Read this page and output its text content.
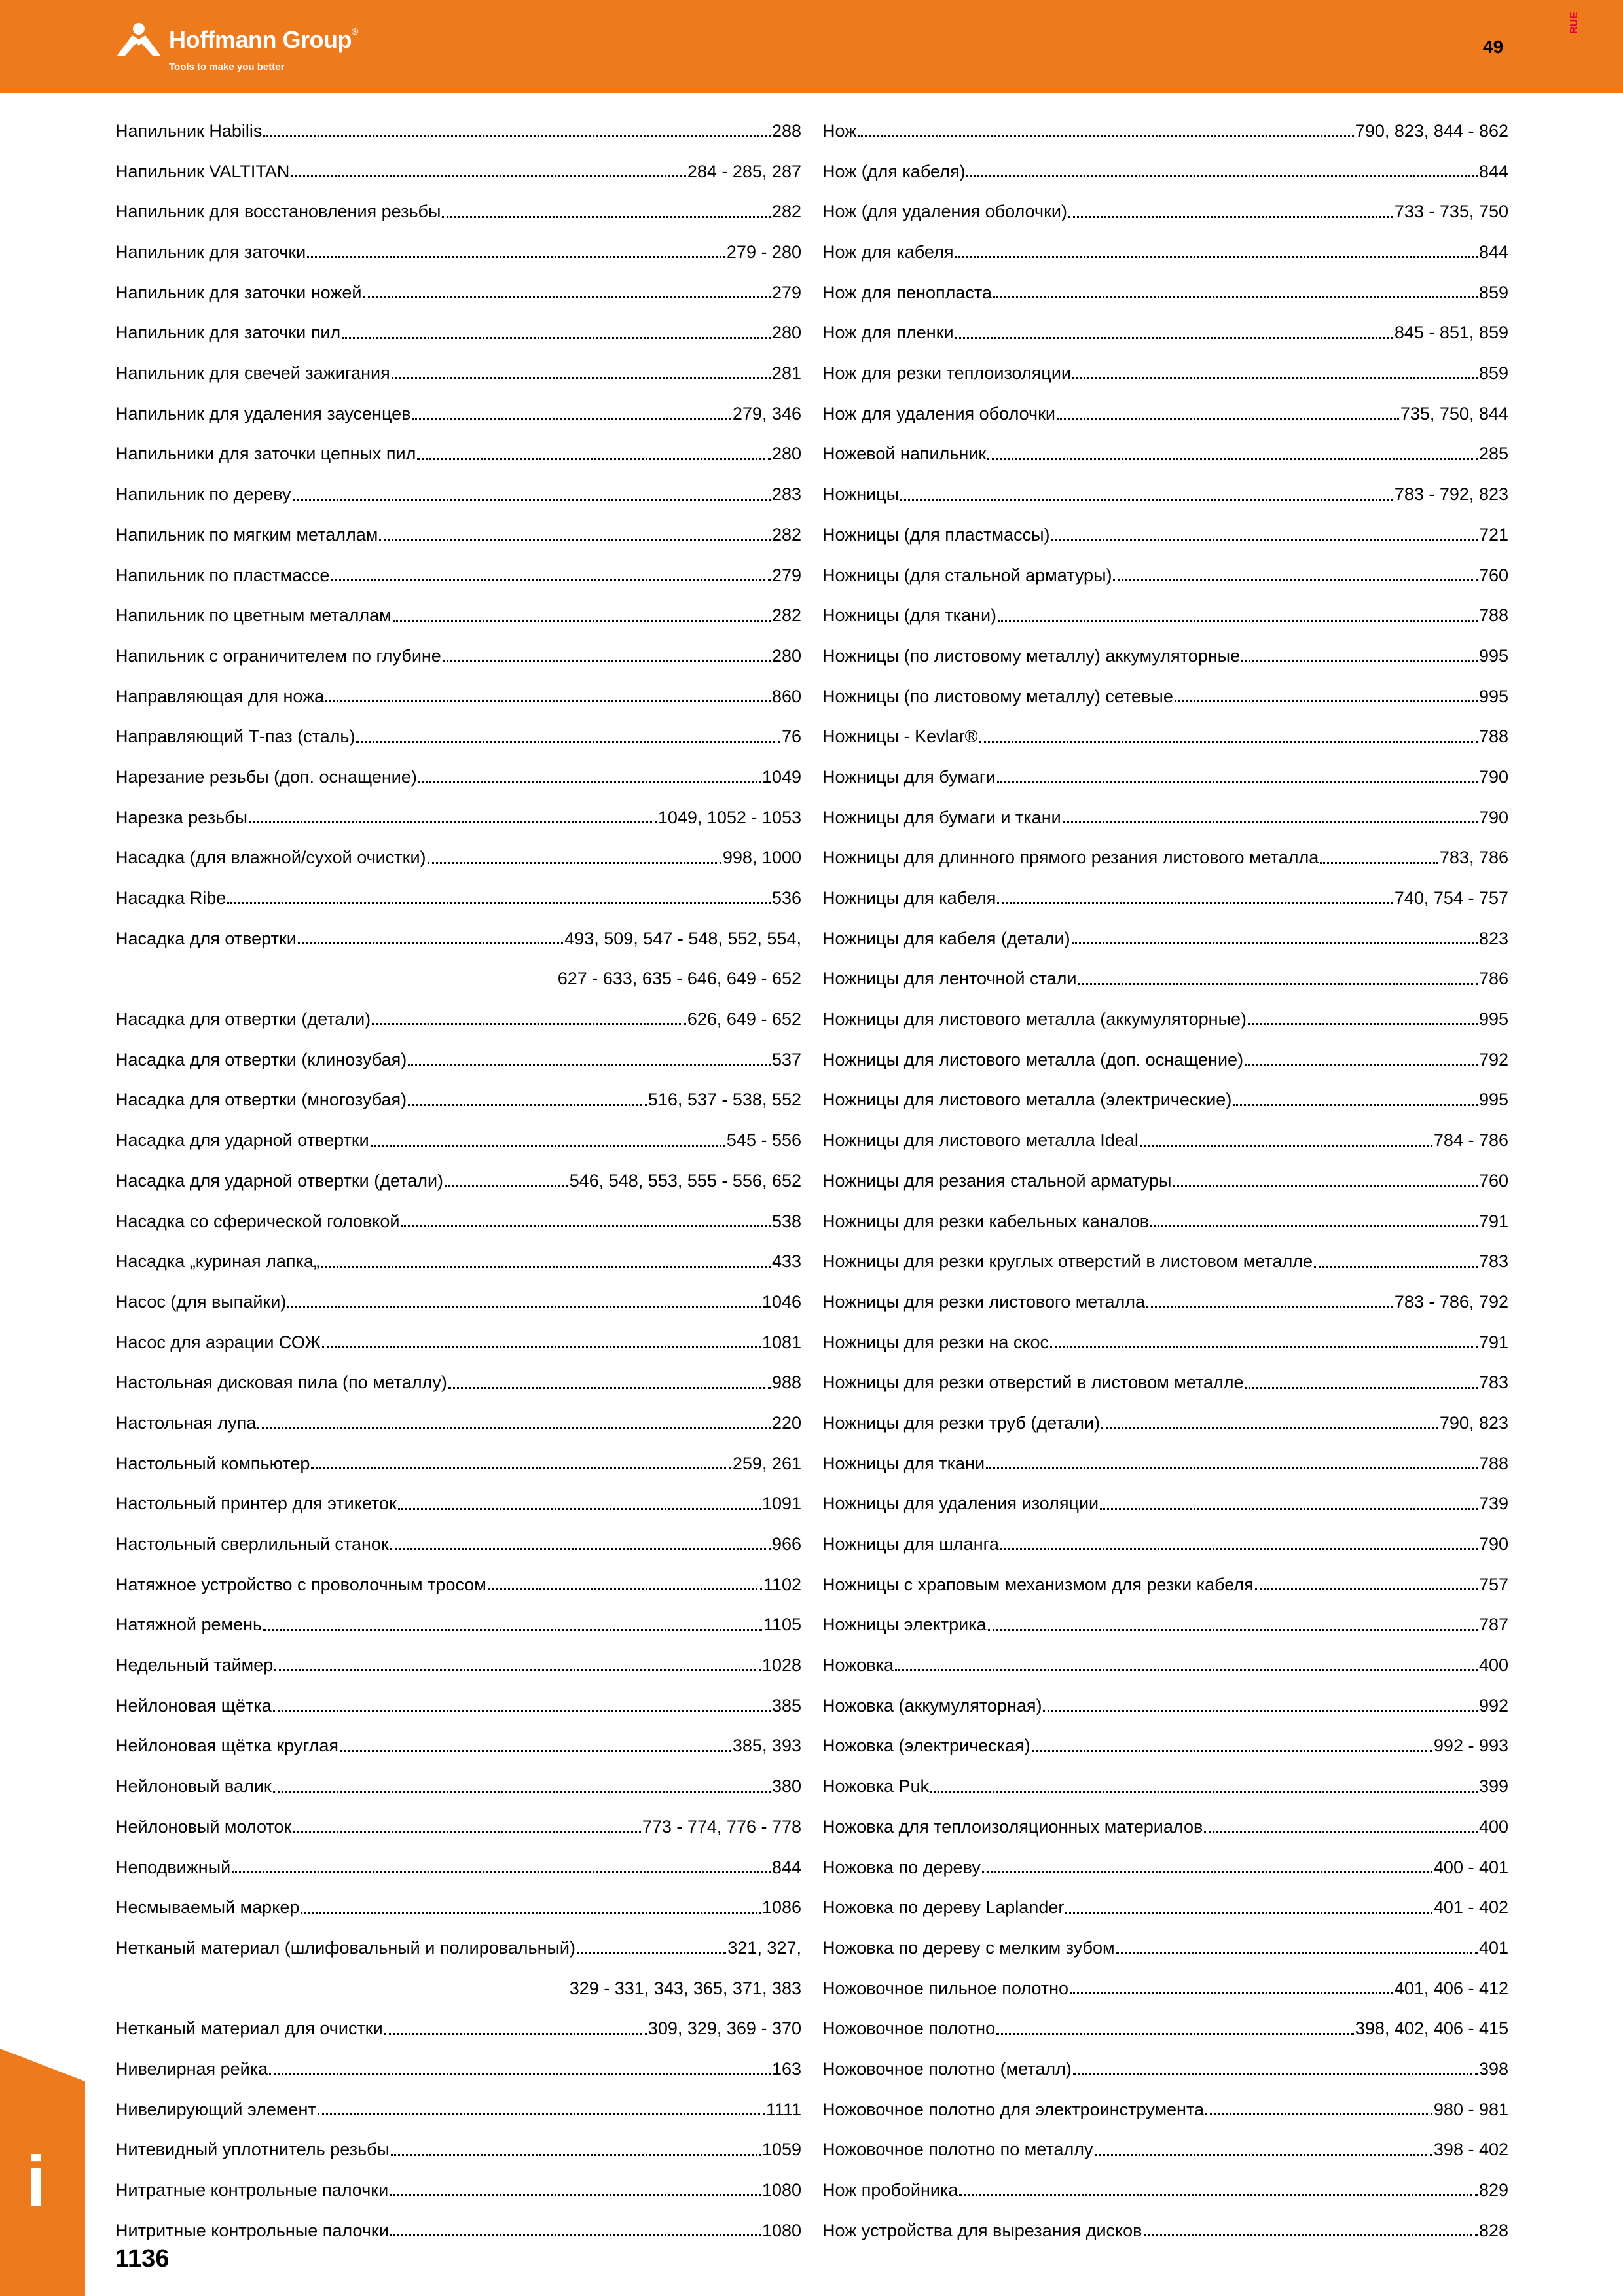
Hoffmann Group®
Tools to make you better
49
RUE
Напильник Habilis	288
Напильник VALTITAN	284 - 285, 287
Напильник для восстановления резьбы	282
Напильник для заточки	279 - 280
Напильник для заточки ножей	279
Напильник для заточки пил	280
Напильник для свечей зажигания	281
Напильник для удаления заусенцев	279, 346
Напильники для заточки цепных пил	280
Напильник по дереву	283
Напильник по мягким металлам	282
Напильник по пластмассе	279
Напильник по цветным металлам	282
Напильник с ограничителем по глубине	280
Направляющая для ножа	860
Направляющий Т-паз (сталь)	76
Нарезание резьбы (доп. оснащение)	1049
Нарезка резьбы	1049, 1052 - 1053
Насадка (для влажной/сухой очистки)	998, 1000
Насадка Ribe	536
Насадка для отвертки	493, 509, 547 - 548, 552, 554,
627 - 633, 635 - 646, 649 - 652
Насадка для отвертки (детали)	626, 649 - 652
Насадка для отвертки (клинозубая)	537
Насадка для отвертки (многозубая)	516, 537 - 538, 552
Насадка для ударной отвертки	545 - 556
Насадка для ударной отвертки (детали)	546, 548, 553, 555 - 556, 652
Насадка со сферической головкой	538
Насадка „куриная лапка„	433
Насос (для выпайки)	1046
Насос для аэрации СОЖ	1081
Настольная дисковая пила (по металлу)	988
Настольная лупа	220
Настольный компьютер	259, 261
Настольный принтер для этикеток	1091
Настольный сверлильный станок	966
Натяжное устройство с проволочным тросом	1102
Натяжной ремень	1105
Недельный таймер	1028
Нейлоновая щётка	385
Нейлоновая щётка круглая	385, 393
Нейлоновый валик	380
Нейлоновый молоток	773 - 774, 776 - 778
Неподвижный	844
Несмываемый маркер	1086
Нетканый материал (шлифовальный и полировальный)	321, 327,
329 - 331, 343, 365, 371, 383
Нетканый материал для очистки	309, 329, 369 - 370
Нивелирная рейка	163
Нивелирующий элемент	1111
Нитевидный уплотнитель резьбы	1059
Нитратные контрольные палочки	1080
Нитритные контрольные палочки	1080
Нож	790, 823, 844 - 862
Нож (для кабеля)	844
Нож (для удаления оболочки)	733 - 735, 750
Нож для кабеля	844
Нож для пенопласта	859
Нож для пленки	845 - 851, 859
Нож для резки теплоизоляции	859
Нож для удаления оболочки	735, 750, 844
Ножевой напильник	285
Ножницы	783 - 792, 823
Ножницы (для пластмассы)	721
Ножницы (для стальной арматуры)	760
Ножницы (для ткани)	788
Ножницы (по листовому металлу) аккумуляторные	995
Ножницы (по листовому металлу) сетевые	995
Ножницы - Kevlar®	788
Ножницы для бумаги	790
Ножницы для бумаги и ткани	790
Ножницы для длинного прямого резания листового металла	783, 786
Ножницы для кабеля	740, 754 - 757
Ножницы для кабеля (детали)	823
Ножницы для ленточной стали	786
Ножницы для листового металла (аккумуляторные)	995
Ножницы для листового металла (доп. оснащение)	792
Ножницы для листового металла (электрические)	995
Ножницы для листового металла Ideal	784 - 786
Ножницы для резания стальной арматуры	760
Ножницы для резки кабельных каналов	791
Ножницы для резки круглых отверстий в листовом металле	783
Ножницы для резки листового металла	783 - 786, 792
Ножницы для резки на скос	791
Ножницы для резки отверстий в листовом металле	783
Ножницы для резки труб (детали)	790, 823
Ножницы для ткани	788
Ножницы для удаления изоляции	739
Ножницы для шланга	790
Ножницы с храповым механизмом для резки кабеля	757
Ножницы электрика	787
Ножовка	400
Ножовка (аккумуляторная)	992
Ножовка (электрическая)	992 - 993
Ножовка Puk	399
Ножовка для теплоизоляционных материалов	400
Ножовка по дереву	400 - 401
Ножовка по дереву Laplander	401 - 402
Ножовка по дереву с мелким зубом	401
Ножовочное пильное полотно	401, 406 - 412
Ножовочное полотно	398, 402, 406 - 415
Ножовочное полотно (металл)	398
Ножовочное полотно для электроинструмента	980 - 981
Ножовочное полотно по металлу	398 - 402
Нож пробойника	829
Нож устройства для вырезания дисков	828
i
1136
